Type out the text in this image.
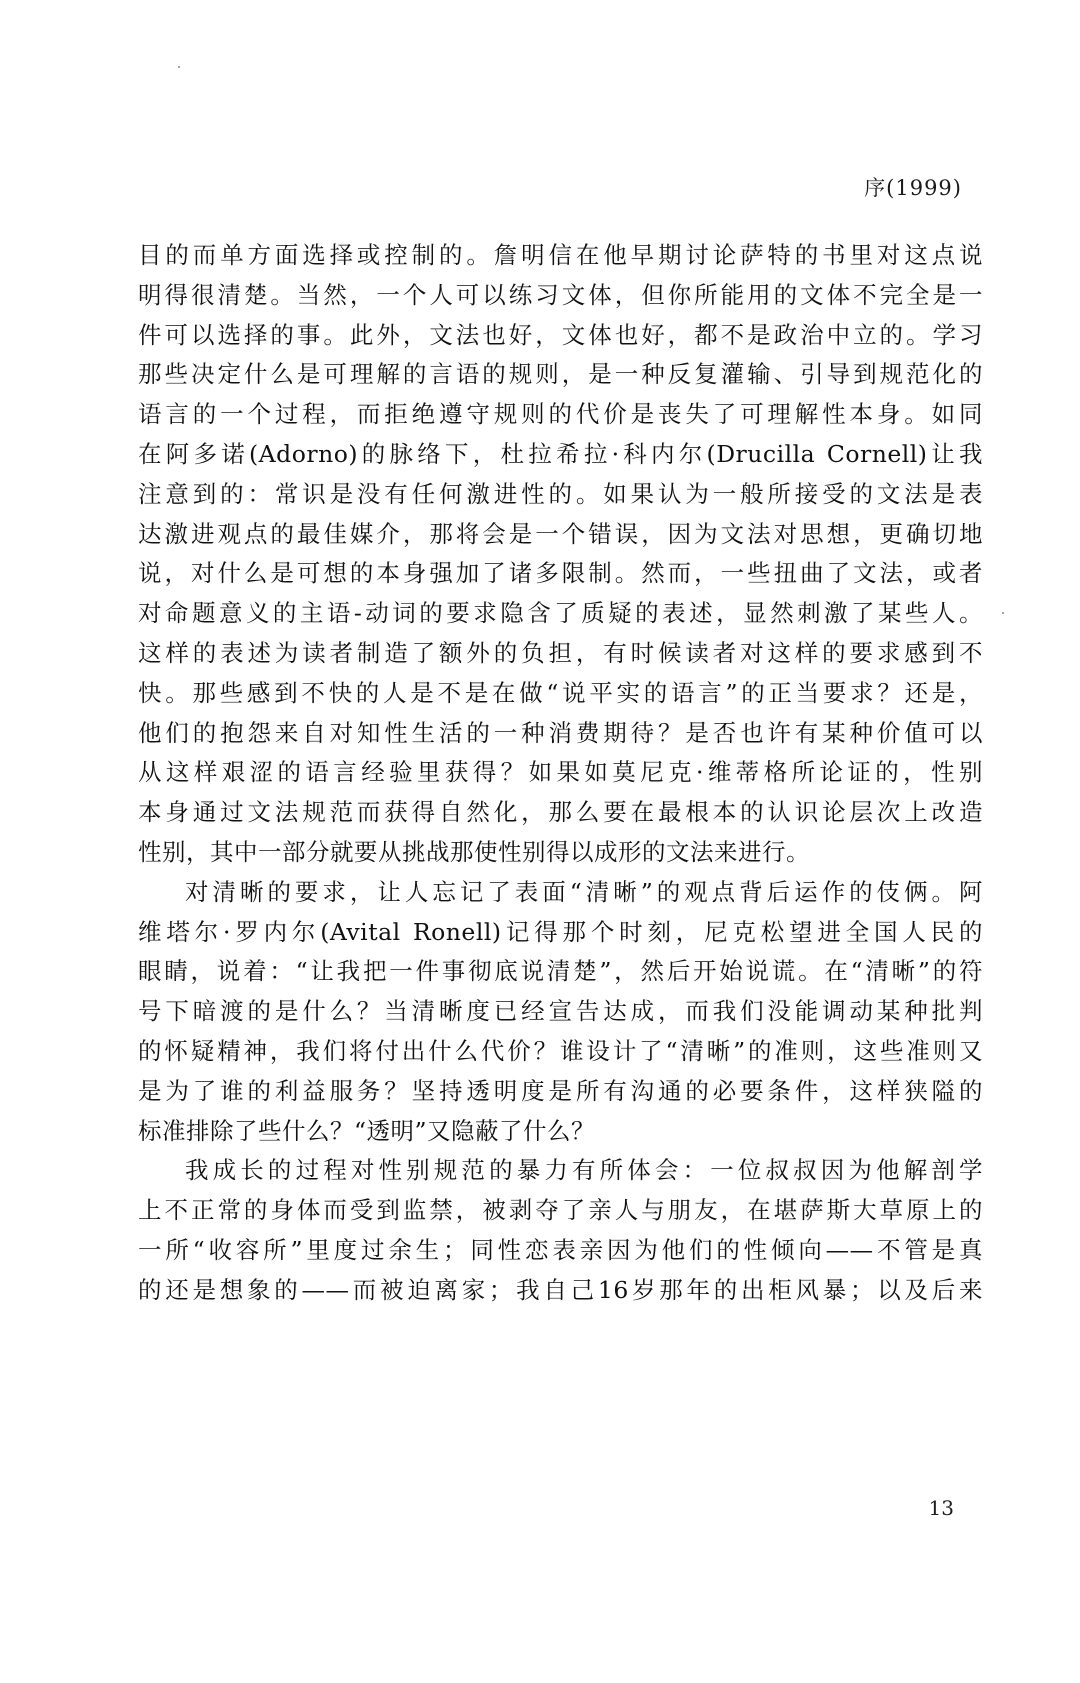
序(1999)
目的而单方面选择或控制的。詹明信在他早期讨论萨特的书里对这点说
明得很清楚。当然，一个人可以练习文体，但你所能用的文体不完全是一
件可以选择的事。此外，文法也好，文体也好，都不是政治中立的。学习
那些决定什么是可理解的言语的规则，是一种反复灌输、引导到规范化的
语言的一个过程，而拒绝遵守规则的代价是丧失了可理解性本身。如同
在阿多诺(Adorno)的脉络下，杜拉希拉·科内尔(Drucilla Cornell)让我
注意到的：常识是没有任何激进性的。如果认为一般所接受的文法是表
达激进观点的最佳媒介，那将会是一个错误，因为文法对思想，更确切地
说，对什么是可想的本身强加了诸多限制。然而，一些扭曲了文法，或者
对命题意义的主语-动词的要求隐含了质疑的表述，显然刺激了某些人。
这样的表述为读者制造了额外的负担，有时候读者对这样的要求感到不
快。那些感到不快的人是不是在做“说平实的语言”的正当要求？还是，
他们的抱怨来自对知性生活的一种消费期待？是否也许有某种价值可以
从这样艰涩的语言经验里获得？如果如莫尼克·维蒂格所论证的，性别
本身通过文法规范而获得自然化，那么要在最根本的认识论层次上改造
性别，其中一部分就要从挑战那使性别得以成形的文法来进行。
对清晰的要求，让人忘记了表面“清晰”的观点背后运作的伎俩。阿
维塔尔·罗内尔(Avital Ronell)记得那个时刻，尼克松望进全国人民的
眼睛，说着：“让我把一件事彻底说清楚”，然后开始说谎。在“清晰”的符
号下暗渡的是什么？当清晰度已经宣告达成，而我们没能调动某种批判
的怀疑精神，我们将付出什么代价？谁设计了“清晰”的准则，这些准则又
是为了谁的利益服务？坚持透明度是所有沟通的必要条件，这样狭隘的
标准排除了些什么？“透明”又隐蔽了什么？
我成长的过程对性别规范的暴力有所体会：一位叔叔因为他解剖学
上不正常的身体而受到监禁，被剥夺了亲人与朋友，在堪萨斯大草原上的
一所“收容所”里度过余生；同性恋表亲因为他们的性倾向——不管是真
的还是想象的——而被迫离家；我自己16岁那年的出柜风暴；以及后来
13
